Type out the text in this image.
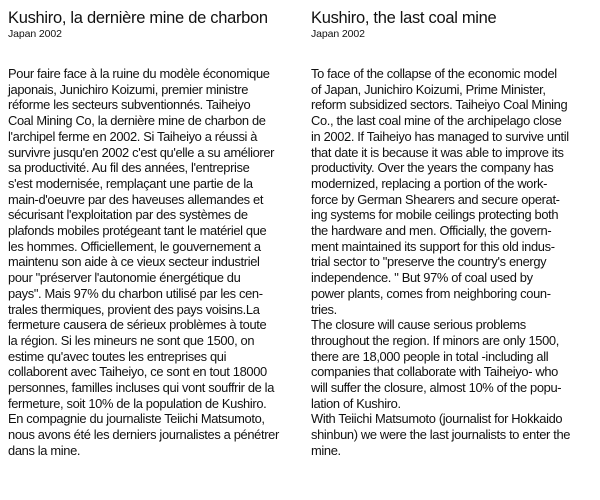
Kushiro, la dernière mine de charbon
Japan 2002

Pour faire face à la ruine du modèle économique
japonais, Junichiro Koizumi, premier ministre
réforme les secteurs subventionnés. Taiheiyo
Coal Mining Co, la dernière mine de charbon de
l'archipel ferme en 2002. Si Taiheiyo a réussi à
survivre jusqu'en 2002 c'est qu'elle a su améliorer
sa productivité. Au fil des années, l'entreprise
s'est modernisée, remplaçant une partie de la
main-d'oeuvre par des haveuses allemandes et
sécurisant l'exploitation par des systèmes de
plafonds mobiles protégeant tant le matériel que
les hommes. Officiellement, le gouvernement a
maintenu son aide à ce vieux secteur industriel
pour "préserver l'autonomie énergétique du
pays". Mais 97% du charbon utilisé par les cen-
trales thermiques, provient des pays voisins.La
fermeture causera de sérieux problèmes à toute
la région. Si les mineurs ne sont que 1500, on
estime qu'avec toutes les entreprises qui
collaborent avec Taiheiyo, ce sont en tout 18000
personnes, familles incluses qui vont souffrir de la
fermeture, soit 10% de la population de Kushiro.
En compagnie du journaliste Teiichi Matsumoto,
nous avons été les derniers journalistes a pénétrer
dans la mine.

Kushiro, the last coal mine
Japan 2002

To face of the collapse of the economic model
of Japan, Junichiro Koizumi, Prime Minister,
reform subsidized sectors. Taiheiyo Coal Mining
Co., the last coal mine of the archipelago close
in 2002. If Taiheiyo has managed to survive until
that date it is because it was able to improve its
productivity. Over the years the company has
modernized, replacing a portion of the work-
force by German Shearers and secure operat-
ing systems for mobile ceilings protecting both
the hardware and men. Officially, the govern-
ment maintained its support for this old indus-
trial sector to "preserve the country's energy
independence. " But 97% of coal used by
power plants, comes from neighboring coun-
tries.
The closure will cause serious problems
throughout the region. If minors are only 1500,
there are 18,000 people in total -including all
companies that collaborate with Taiheiyo- who
will suffer the closure, almost 10% of the popu-
lation of Kushiro.
With Teiichi Matsumoto (journalist for Hokkaido
shinbun) we were the last journalists to enter the
mine.
